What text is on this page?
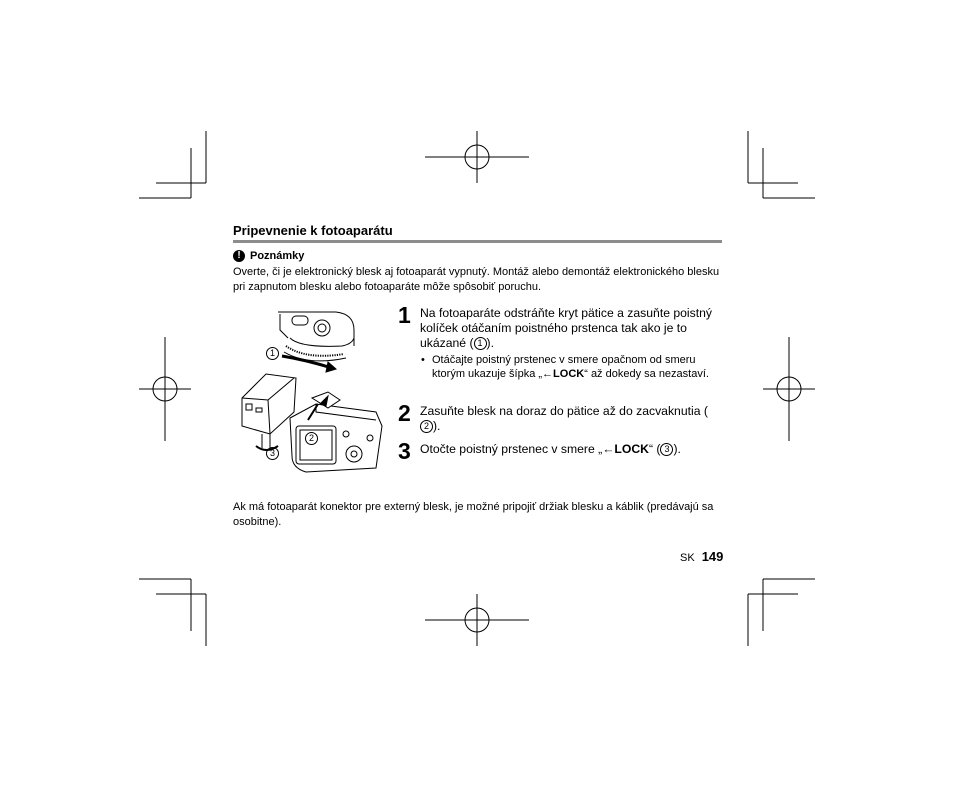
Pripevnenie k fotoaparátu
! Poznámky
Overte, či je elektronický blesk aj fotoaparát vypnutý. Montáž alebo demontáž elektronického blesku pri zapnutom blesku alebo fotoaparáte môže spôsobiť poruchu.
1
2
3
1 Na fotoaparáte odstráňte kryt pätice a zasuňte poistný kolíček otáčaním poistného prstenca tak ako je to ukázané ( 1 ).
• Otáčajte poistný prstenec v smere opačnom od smeru ktorým ukazuje šípka „←LOCK“ až dokedy sa nezastaví.
2 Zasuňte blesk na doraz do pätice až do zacvaknutia (2 ).
3 Otočte poistný prstenec v smere „←LOCK“ ( 3 ).
Ak má fotoaparát konektor pre externý blesk, je možné pripojiť držiak blesku a káblik (predávajú sa osobitne).
SK 149
